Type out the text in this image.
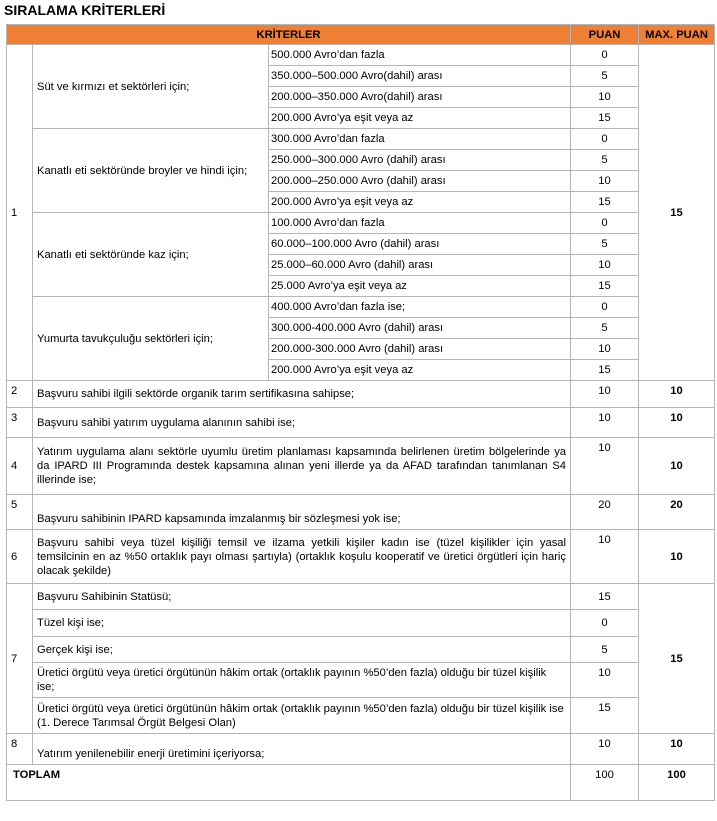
SIRALAMA KRİTERLERİ
KRİTERLER			PUAN	MAX. PUAN
1	Süt ve kırmızı et sektörleri için;	500.000 Avro’dan fazla	0	15
		350.000–500.000 Avro(dahil) arası	5	
		200.000–350.000 Avro(dahil) arası	10	
		200.000 Avro’ya eşit veya az	15	
	Kanatlı eti sektöründe broyler ve hindi için;	300.000 Avro’dan fazla	0	
		250.000–300.000 Avro (dahil) arası	5	
		200.000–250.000 Avro (dahil) arası	10	
		200.000 Avro’ya eşit veya az	15	
	Kanatlı eti sektöründe kaz için;	100.000 Avro’dan fazla	0	
		60.000–100.000 Avro (dahil) arası	5	
		25.000–60.000 Avro (dahil) arası	10	
		25.000 Avro’ya eşit veya az	15	
	Yumurta tavukçuluğu sektörleri için;	400.000 Avro’dan fazla ise;	0	
		300.000-400.000 Avro (dahil) arası	5	
		200.000-300.000 Avro (dahil) arası	10	
		200.000 Avro’ya eşit veya az	15	
2	Başvuru sahibi ilgili sektörde organik tarım sertifikasına sahipse;		10	10
3	Başvuru sahibi yatırım uygulama alanının sahibi ise;		10	10
4	Yatırım uygulama alanı sektörle uyumlu üretim planlaması kapsamında belirlenen üretim bölgelerinde ya da IPARD III Programında destek kapsamına alınan yeni illerde ya da AFAD tarafından tanımlanan S4 illerinde ise;		10	10
5	Başvuru sahibinin IPARD kapsamında imzalanmış bir sözleşmesi yok ise;		20	20
6	Başvuru sahibi veya tüzel kişiliği temsil ve ilzama yetkili kişiler kadın ise (tüzel kişilikler için yasal temsilcinin en az %50 ortaklık payı olması şartıyla) (ortaklık koşulu kooperatif ve üretici örgütleri için hariç olacak şekilde)		10	10
7	Başvuru Sahibinin Statüsü;		15	15
	Tüzel kişi ise;		0	
	Gerçek kişi ise;		5	
	Üretici örgütü veya üretici örgütünün hâkim ortak (ortaklık payının %50’den fazla) olduğu bir tüzel kişilik ise;		10	
	Üretici örgütü veya üretici örgütünün hâkim ortak (ortaklık payının %50’den fazla) olduğu bir tüzel kişilik ise (1. Derece Tarımsal Örgüt Belgesi Olan)		15	
8	Yatırım yenilenebilir enerji üretimini içeriyorsa;		10	10
TOPLAM			100	100
